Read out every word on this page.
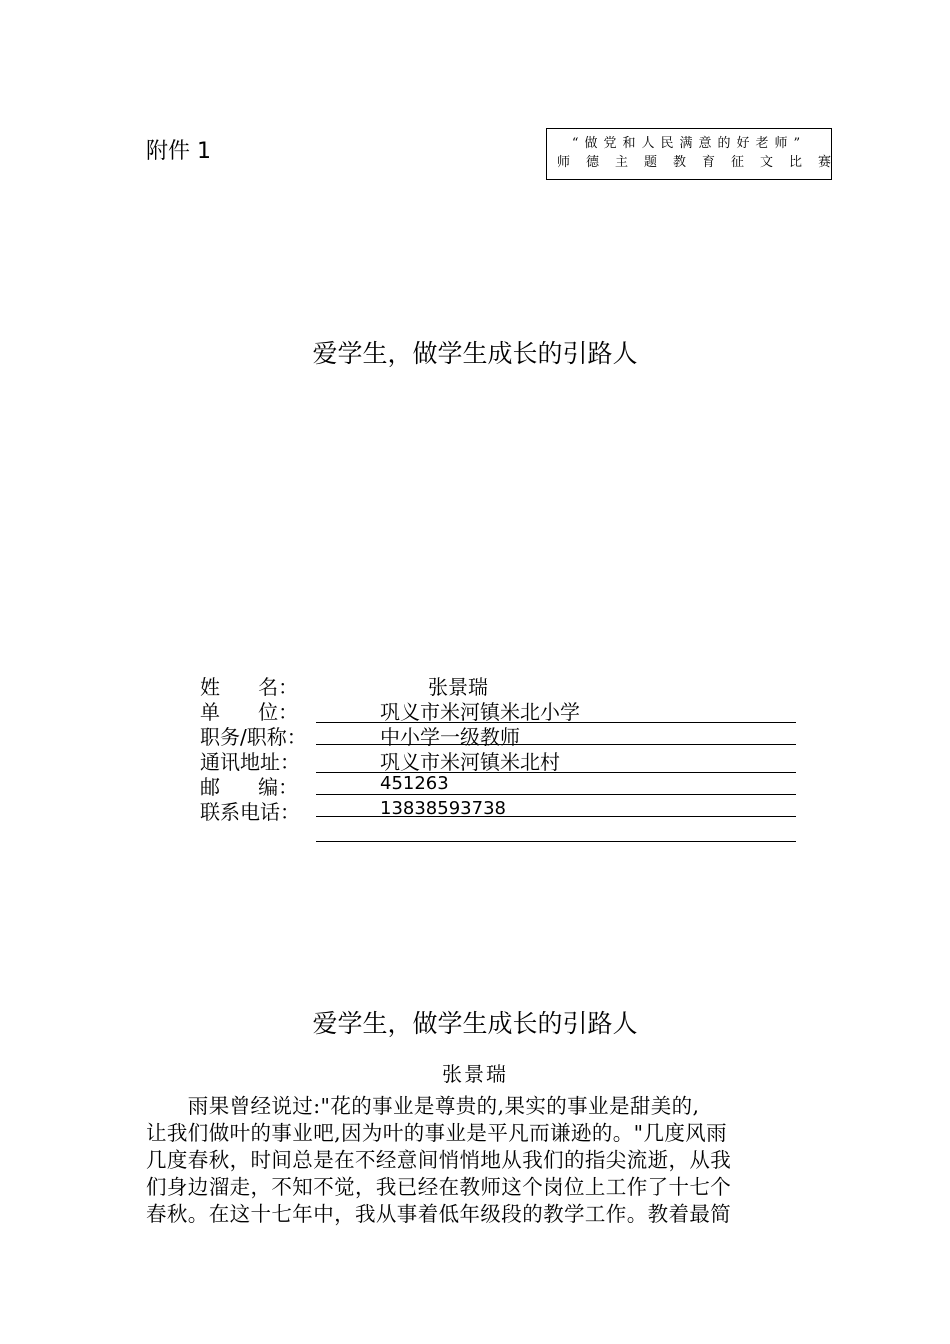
附件 1	“做党和人民满意的好老师”
师德主题教育征文比赛
爱学生，做学生成长的引路人
姓      名：	张景瑞
单      位：	巩义市米河镇米北小学
职务/职称：	中小学一级教师
通讯地址：	巩义市米河镇米北村
邮      编：	451263
联系电话：	13838593738
爱学生，做学生成长的引路人
张景瑞
　　雨果曾经说过:"花的事业是尊贵的,果实的事业是甜美的,
让我们做叶的事业吧,因为叶的事业是平凡而谦逊的。"几度风雨
几度春秋，时间总是在不经意间悄悄地从我们的指尖流逝，从我
们身边溜走，不知不觉，我已经在教师这个岗位上工作了十七个
春秋。在这十七年中，我从事着低年级段的教学工作。教着最简
